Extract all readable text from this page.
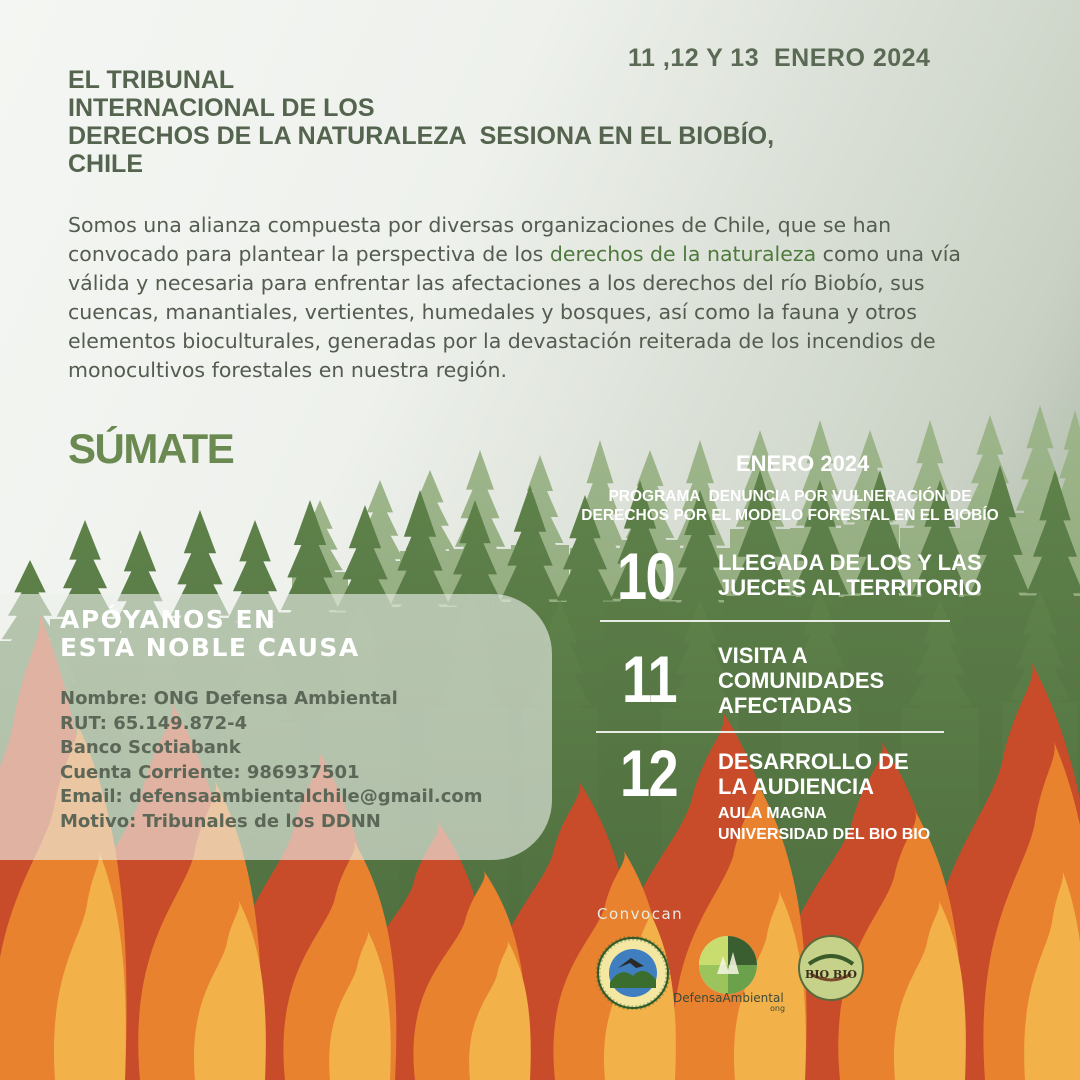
11 ,12 Y 13  ENERO 2024
EL TRIBUNAL
INTERNACIONAL DE LOS
DERECHOS DE LA NATURALEZA  SESIONA EN EL BIOBÍO,
CHILE
Somos una alianza compuesta por diversas organizaciones de Chile, que se han convocado para plantear la perspectiva de los derechos de la naturaleza como una vía válida y necesaria para enfrentar las afectaciones a los derechos del río Biobío, sus cuencas, manantiales, vertientes, humedales y bosques, así como la fauna y otros elementos bioculturales, generadas por la devastación reiterada de los incendios de monocultivos forestales en nuestra región.
SÚMATE
APÓYANOS EN
ESTA NOBLE CAUSA
Nombre: ONG Defensa Ambiental
RUT: 65.149.872-4
Banco Scotiabank
Cuenta Corriente: 986937501
Email: defensaambientalchile@gmail.com
Motivo: Tribunales de los DDNN
ENERO 2024
PROGRAMA  DENUNCIA POR VULNERACIÓN DE
DERECHOS POR EL MODELO FORESTAL EN EL BIOBÍO
10 LLEGADA DE LOS Y LAS
JUECES AL TERRITORIO
11 VISITA A
COMUNIDADES
AFECTADAS
12 DESARROLLO DE
LA AUDIENCIA
AULA MAGNA
UNIVERSIDAD DEL BIO BIO
Convocan
DefensaAmbiental
ong
BIO BIO
